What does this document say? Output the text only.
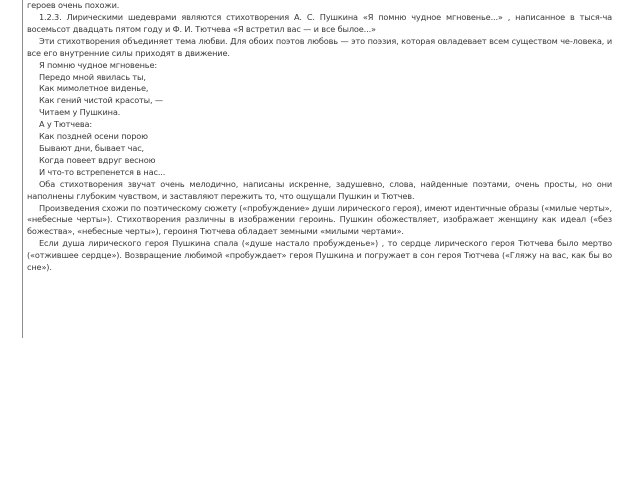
героев очень похожи.

1.2.3. Лирическими шедеврами являются стихотворения А. С. Пушкина «Я помню чудное мгновенье...» , написанное в тыся-ча восемьсот двадцать пятом году и Ф. И. Тютчева «Я встретил вас — и все былое...»

Эти стихотворения объединяет тема любви. Для обоих поэтов любовь — это поэзия, которая овладевает всем существом че-ловека, и все его внутренние силы приходят в движение.

Я помню чудное мгновенье:
Передо мной явилась ты,
Как мимолетное виденье,
Как гений чистой красоты, —
Читаем у Пушкина.
А у Тютчева:
Как поздней осени порою
Бывают дни, бывает час,
Когда повеет вдруг весною
И что-то встрепенется в нас...

Оба стихотворения звучат очень мелодично, написаны искренне, задушевно, слова, найденные поэтами, очень просты, но они наполнены глубоким чувством, и заставляют пережить то, что ощущали Пушкин и Тютчев.

Произведения схожи по поэтическому сюжету («пробуждение» души лирического героя), имеют идентичные образы («милые черты», «небесные черты»). Стихотворения различны в изображении героинь. Пушкин обожествляет, изображает женщину как идеал («без божества», «небесные черты»), героиня Тютчева обладает земными «милыми чертами».

Если душа лирического героя Пушкина спала («душе настало пробужденье») , то сердце лирического героя Тютчева было мертво («отжившее сердце»). Возвращение любимой «пробуждает» героя Пушкина и погружает в сон героя Тютчева («Гляжу на вас, как бы во сне»).
